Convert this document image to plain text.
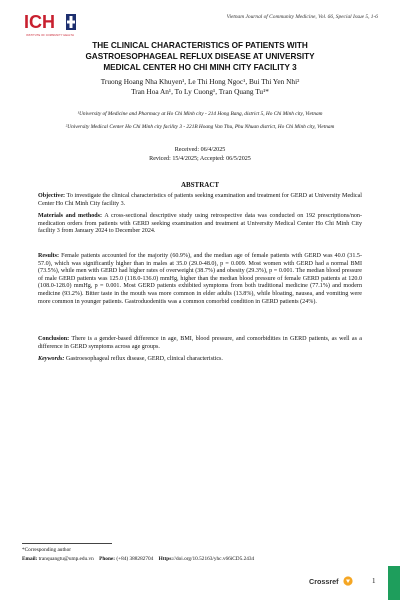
ICH
INSTITUTE OF COMMUNITY HEALTH
Vietnam Journal of Community Medicine, Vol. 66, Special Issue 5, 1-6
THE CLINICAL CHARACTERISTICS OF PATIENTS WITH
GASTROESOPHAGEAL REFLUX DISEASE AT UNIVERSITY
MEDICAL CENTER HO CHI MINH CITY FACILITY 3
Truong Hoang Nha Khuyen¹, Le Thi Hong Ngoc¹, Bui Thi Yen Nhi²
Tran Hoa An¹, To Ly Cuong¹, Tran Quang Tu¹*
¹University of Medicine and Pharmacy at Ho Chi Minh city - 214 Hong Bang, district 5, Ho Chi Minh city, Vietnam
²University Medical Center Ho Chi Minh city facility 3 - 221B Hoang Van Thu, Phu Nhuan district, Ho Chi Minh city, Vietnam
Received: 06/4/2025
Reviced: 15/4/2025; Accepted: 06/5/2025
ABSTRACT
Objective: To investigate the clinical characteristics of patients seeking examination and treatment for GERD at University Medical Center Ho Chi Minh City facility 3.
Materials and methods: A cross-sectional descriptive study using retrospective data was conducted on 192 prescriptions/non-medication orders from patients with GERD seeking examination and treatment at University Medical Center Ho Chi Minh City facility 3 from January 2024 to December 2024.
Results: Female patients accounted for the majority (60.9%), and the median age of female patients with GERD was 40.0 (31.5-57.0), which was significantly higher than in males at 35.0 (29.0-48.0), p = 0.009. Most women with GERD had a normal BMI (73.5%), while men with GERD had higher rates of overweight (38.7%) and obesity (29.3%), p = 0.001. The median blood pressure of male GERD patients was 125.0 (118.0-136.0) mmHg, higher than the median blood pressure of female GERD patients at 120.0 (108.0-128.0) mmHg, p = 0.001. Most GERD patients exhibited symptoms from both traditional medicine (77.1%) and modern medicine (93.2%). Bitter taste in the mouth was more common in elder adults (13.8%), while bloating, nausea, and vomiting were more common in younger patients. Gastroduodenitis was a common comorbid condition in GERD patients (24%).
Conclusion: There is a gender-based difference in age, BMI, blood pressure, and comorbidities in GERD patients, as well as a difference in GERD symptoms across age groups.
Keywords: Gastroesophageal reflux disease, GERD, clinical characteristics.
*Corresponding author
Email: tranquangtu@ump.edu.vn Phone: (+84) 388282704 Https://doi.org/10.52163/yhc.v66iCD5.2434
Crossref	1
